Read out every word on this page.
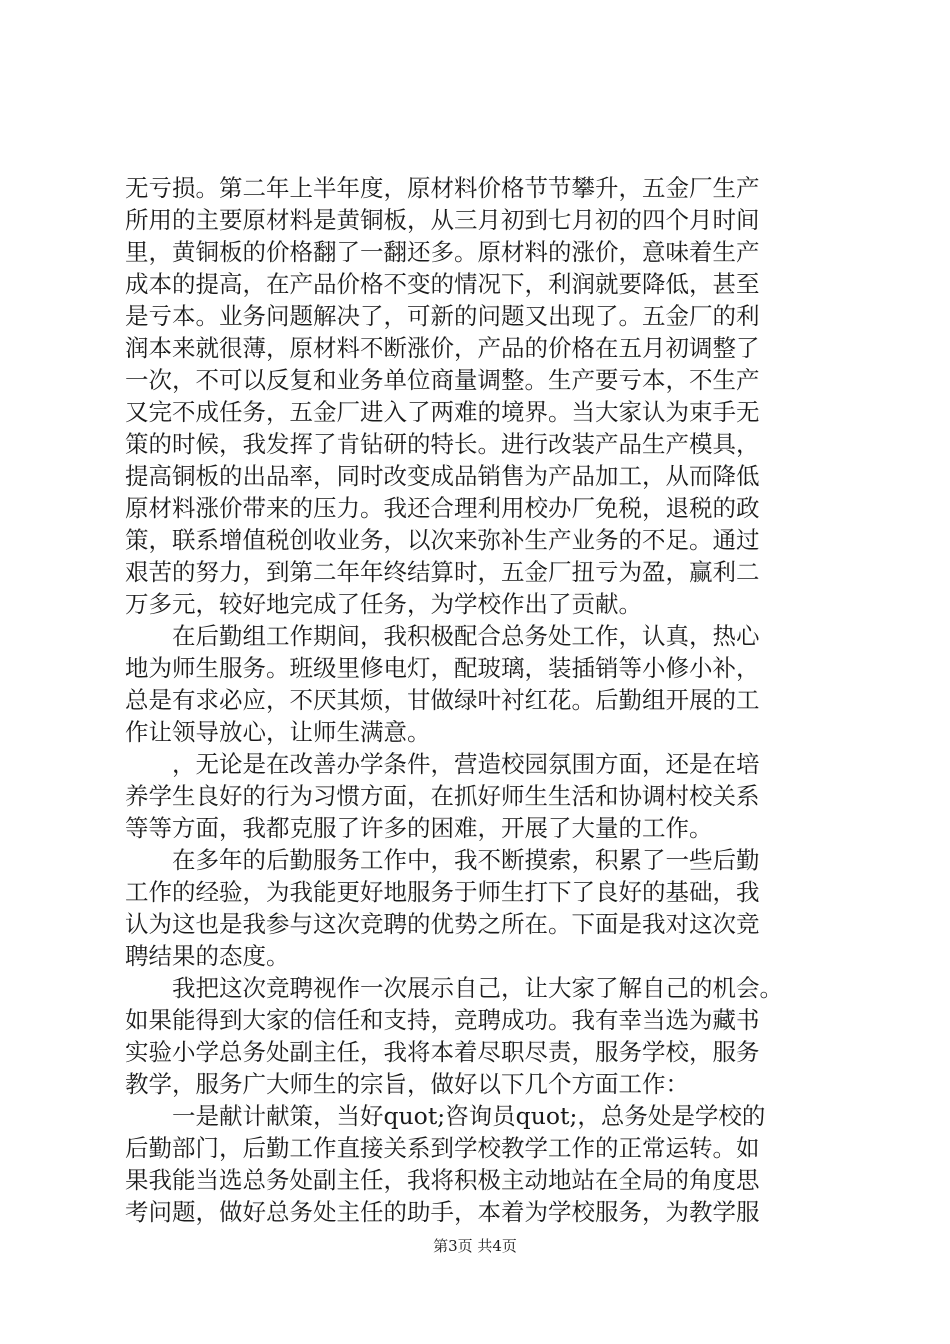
无亏损。第二年上半年度，原材料价格节节攀升，五金厂生产
所用的主要原材料是黄铜板，从三月初到七月初的四个月时间
里，黄铜板的价格翻了一翻还多。原材料的涨价，意味着生产
成本的提高，在产品价格不变的情况下，利润就要降低，甚至
是亏本。业务问题解决了，可新的问题又出现了。五金厂的利
润本来就很薄，原材料不断涨价，产品的价格在五月初调整了
一次，不可以反复和业务单位商量调整。生产要亏本，不生产
又完不成任务，五金厂进入了两难的境界。当大家认为束手无
策的时候，我发挥了肯钻研的特长。进行改装产品生产模具，
提高铜板的出品率，同时改变成品销售为产品加工，从而降低
原材料涨价带来的压力。我还合理利用校办厂免税，退税的政
策，联系增值税创收业务，以次来弥补生产业务的不足。通过
艰苦的努力，到第二年年终结算时，五金厂扭亏为盈，赢利二
万多元，较好地完成了任务，为学校作出了贡献。
　　在后勤组工作期间，我积极配合总务处工作，认真，热心
地为师生服务。班级里修电灯，配玻璃，装插销等小修小补，
总是有求必应，不厌其烦，甘做绿叶衬红花。后勤组开展的工
作让领导放心，让师生满意。
　　，无论是在改善办学条件，营造校园氛围方面，还是在培
养学生良好的行为习惯方面，在抓好师生生活和协调村校关系
等等方面，我都克服了许多的困难，开展了大量的工作。
　　在多年的后勤服务工作中，我不断摸索，积累了一些后勤
工作的经验，为我能更好地服务于师生打下了良好的基础，我
认为这也是我参与这次竞聘的优势之所在。下面是我对这次竞
聘结果的态度。
　　我把这次竞聘视作一次展示自己，让大家了解自己的机会。
如果能得到大家的信任和支持，竞聘成功。我有幸当选为藏书
实验小学总务处副主任，我将本着尽职尽责，服务学校，服务
教学，服务广大师生的宗旨，做好以下几个方面工作：
　　一是献计献策，当好quot;咨询员quot;，总务处是学校的
后勤部门，后勤工作直接关系到学校教学工作的正常运转。如
果我能当选总务处副主任，我将积极主动地站在全局的角度思
考问题，做好总务处主任的助手，本着为学校服务，为教学服
第3页 共4页
